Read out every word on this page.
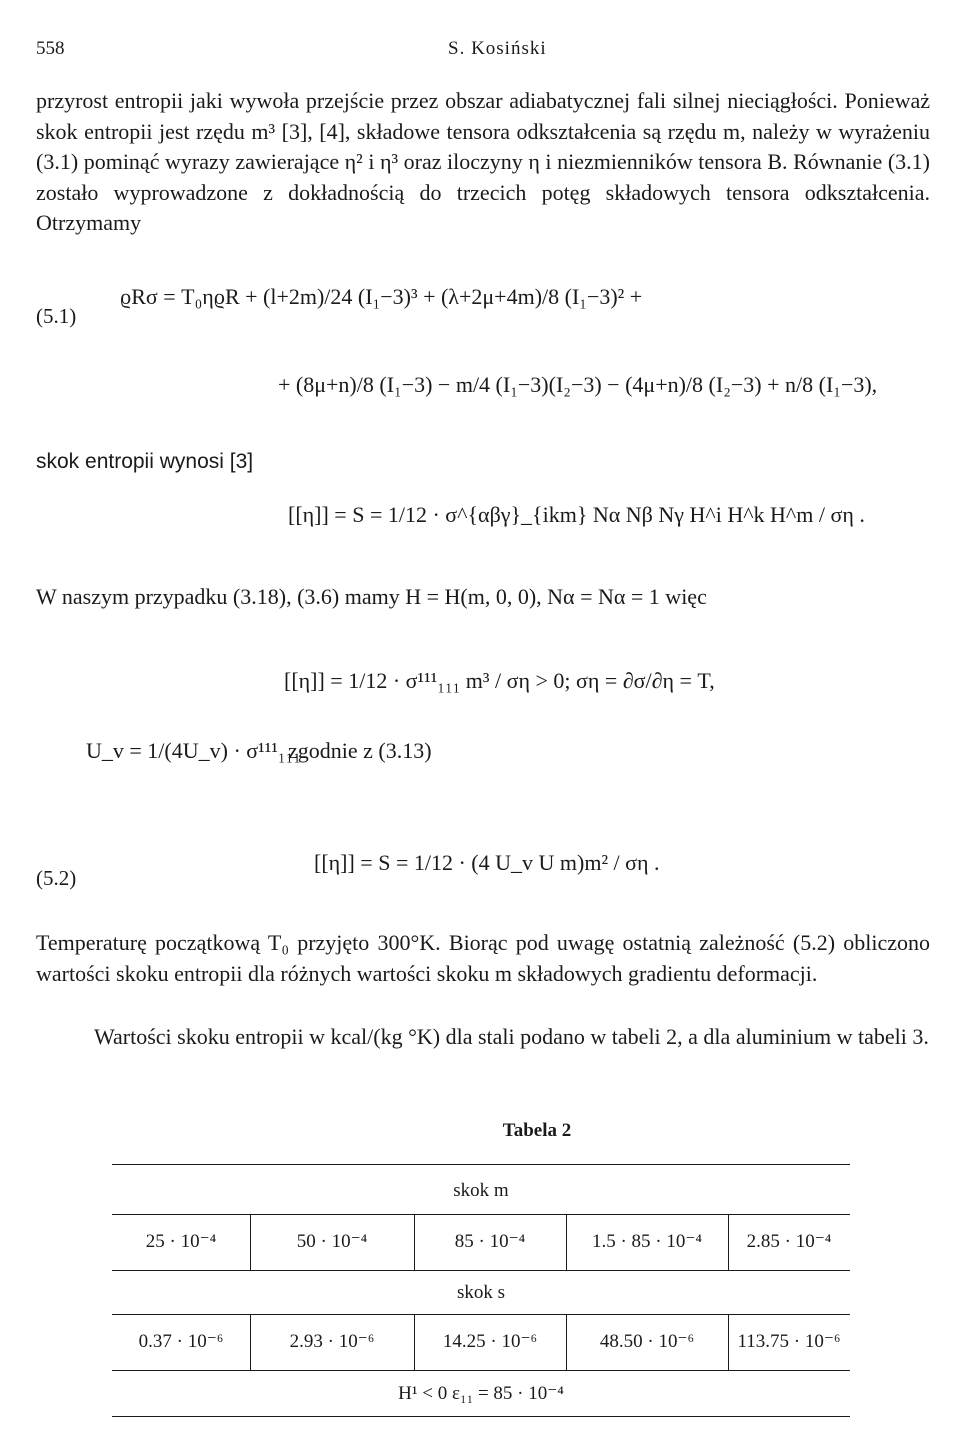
558	S. Kosiński
przyrost entropii jaki wywoła przejście przez obszar adiabatycznej fali silnej nieciągłości. Ponieważ skok entropii jest rzędu m³ [3], [4], składowe tensora odkształcenia są rzędu m, należy w wyrażeniu (3.1) pominąć wyrazy zawierające η² i η³ oraz iloczyny η i niezmienników tensora B. Równanie (3.1) zostało wyprowadzone z dokładnością do trzecich potęg składowych tensora odkształcenia. Otrzymamy
(5.1)
ϱRσ = T₀ηϱR + (l+2m)/24 (I₁−3)³ + (λ+2μ+4m)/8 (I₁−3)² +
+ (8μ+n)/8 (I₁−3) − m/4 (I₁−3)(I₂−3) − (4μ+n)/8 (I₂−3) + n/8 (I₁−3),
skok entropii wynosi [3]
[[η]] = S = 1/12 · σ^{αβγ}_{ikm} Nα Nβ Nγ H^i H^k H^m / ση .
W naszym przypadku (3.18), (3.6) mamy H = H(m, 0, 0), Nα = Nα = 1 więc
[[η]] = 1/12 · σ¹¹¹₁₁₁ m³ / ση > 0; ση = ∂σ/∂η = T,
U_v = 1/(4U_v) · σ¹¹¹₁₁₁
zgodnie z (3.13)
(5.2)
[[η]] = S = 1/12 · (4 U_v U m)m² / ση .
Temperaturę początkową T₀ przyjęto 300°K. Biorąc pod uwagę ostatnią zależność (5.2) obliczono wartości skoku entropii dla różnych wartości skoku m składowych gradientu deformacji.
Wartości skoku entropii w kcal/(kg °K) dla stali podano w tabeli 2, a dla aluminium w tabeli 3.
Tabela 2
skok m
25 · 10⁻⁴	50 · 10⁻⁴	85 · 10⁻⁴	1.5 · 85 · 10⁻⁴	2.85 · 10⁻⁴
skok s
0.37 · 10⁻⁶	2.93 · 10⁻⁶	14.25 · 10⁻⁶	48.50 · 10⁻⁶	113.75 · 10⁻⁶
H¹ < 0 ε₁₁ = 85 · 10⁻⁴
